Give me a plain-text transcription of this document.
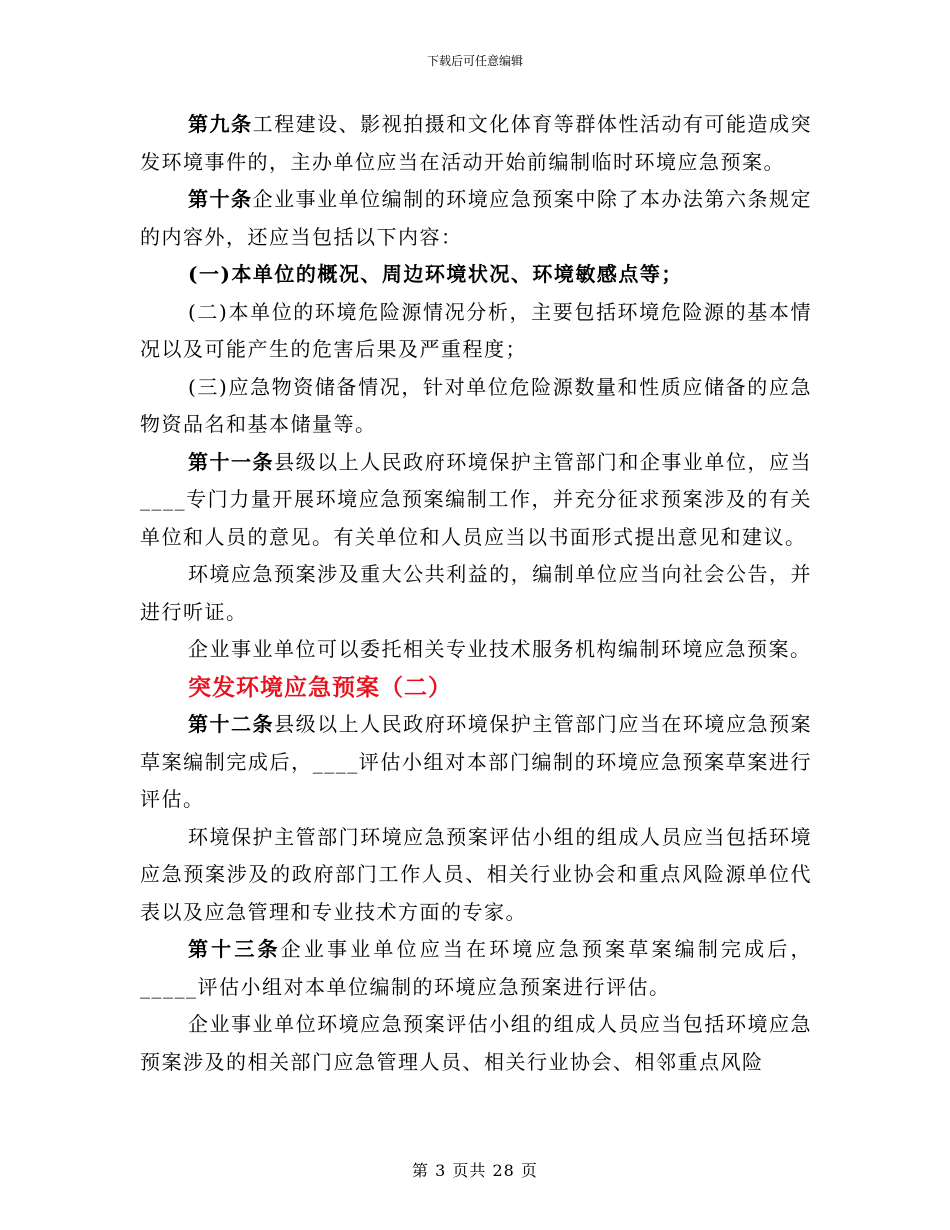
下载后可任意编辑

第九条工程建设、影视拍摄和文化体育等群体性活动有可能造成突发环境事件的，主办单位应当在活动开始前编制临时环境应急预案。

第十条企业事业单位编制的环境应急预案中除了本办法第六条规定的内容外，还应当包括以下内容：

(一)本单位的概况、周边环境状况、环境敏感点等；

(二)本单位的环境危险源情况分析，主要包括环境危险源的基本情况以及可能产生的危害后果及严重程度；

(三)应急物资储备情况，针对单位危险源数量和性质应储备的应急物资品名和基本储量等。

第十一条县级以上人民政府环境保护主管部门和企事业单位，应当____专门力量开展环境应急预案编制工作，并充分征求预案涉及的有关单位和人员的意见。有关单位和人员应当以书面形式提出意见和建议。

环境应急预案涉及重大公共利益的，编制单位应当向社会公告，并进行听证。

企业事业单位可以委托相关专业技术服务机构编制环境应急预案。

突发环境应急预案（二）

第十二条县级以上人民政府环境保护主管部门应当在环境应急预案草案编制完成后，____评估小组对本部门编制的环境应急预案草案进行评估。

环境保护主管部门环境应急预案评估小组的组成人员应当包括环境应急预案涉及的政府部门工作人员、相关行业协会和重点风险源单位代表以及应急管理和专业技术方面的专家。

第十三条企业事业单位应当在环境应急预案草案编制完成后，_____评估小组对本单位编制的环境应急预案进行评估。

企业事业单位环境应急预案评估小组的组成人员应当包括环境应急预案涉及的相关部门应急管理人员、相关行业协会、相邻重点风险

第 3 页共 28 页
